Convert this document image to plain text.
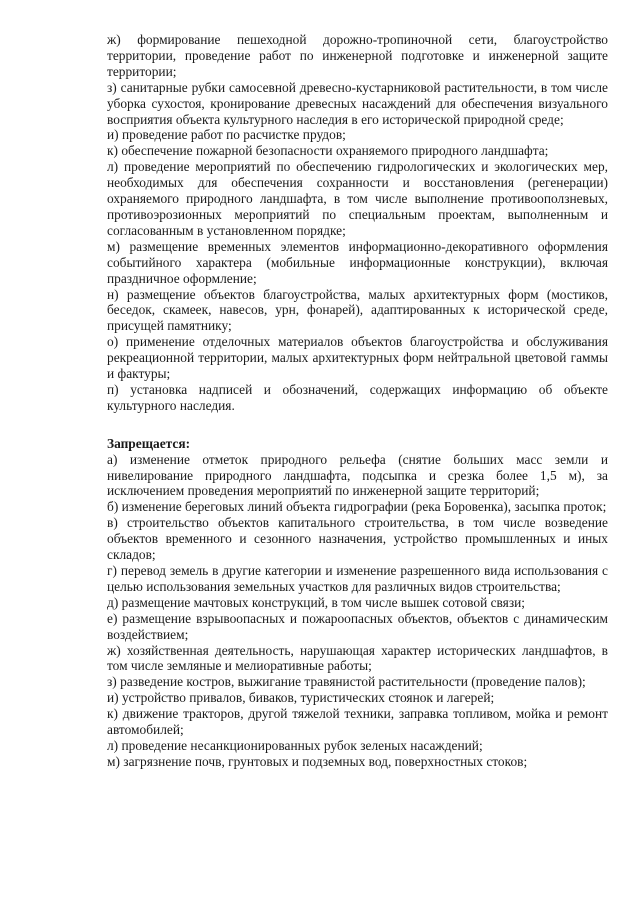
ж) формирование пешеходной дорожно-тропиночной сети, благоустройство территории, проведение работ по инженерной подготовке и инженерной защите территории;

з) санитарные рубки самосевной древесно-кустарниковой растительности, в том числе уборка сухостоя, кронирование древесных насаждений для обеспечения визуального восприятия объекта культурного наследия в его исторической природной среде;

и) проведение работ по расчистке прудов;

к) обеспечение пожарной безопасности охраняемого природного ландшафта;

л) проведение мероприятий по обеспечению гидрологических и экологических мер, необходимых для обеспечения сохранности и восстановления (регенерации) охраняемого природного ландшафта, в том числе выполнение противооползневых, противоэрозионных мероприятий по специальным проектам, выполненным и согласованным в установленном порядке;

м) размещение временных элементов информационно-декоративного оформления событийного характера (мобильные информационные конструкции), включая праздничное оформление;

н) размещение объектов благоустройства, малых архитектурных форм (мостиков, беседок, скамеек, навесов, урн, фонарей), адаптированных к исторической среде, присущей памятнику;

о) применение отделочных материалов объектов благоустройства и обслуживания рекреационной территории, малых архитектурных форм нейтральной цветовой гаммы и фактуры;

п) установка надписей и обозначений, содержащих информацию об объекте культурного наследия.

Запрещается:

а) изменение отметок природного рельефа (снятие больших масс земли и нивелирование природного ландшафта, подсыпка и срезка более 1,5 м), за исключением проведения мероприятий по инженерной защите территорий;

б) изменение береговых линий объекта гидрографии (река Боровенка), засыпка проток;

в) строительство объектов капитального строительства, в том числе возведение объектов временного и сезонного назначения, устройство промышленных и иных складов;

г) перевод земель в другие категории и изменение разрешенного вида использования с целью использования земельных участков для различных видов строительства;

д) размещение мачтовых конструкций, в том числе вышек сотовой связи;

е) размещение взрывоопасных и пожароопасных объектов, объектов с динамическим воздействием;

ж) хозяйственная деятельность, нарушающая характер исторических ландшафтов, в том числе земляные и мелиоративные работы;

з) разведение костров, выжигание травянистой растительности (проведение палов);

и) устройство привалов, биваков, туристических стоянок и лагерей;

к) движение тракторов, другой тяжелой техники, заправка топливом, мойка и ремонт автомобилей;

л) проведение несанкционированных рубок зеленых насаждений;

м) загрязнение почв, грунтовых и подземных вод, поверхностных стоков;
